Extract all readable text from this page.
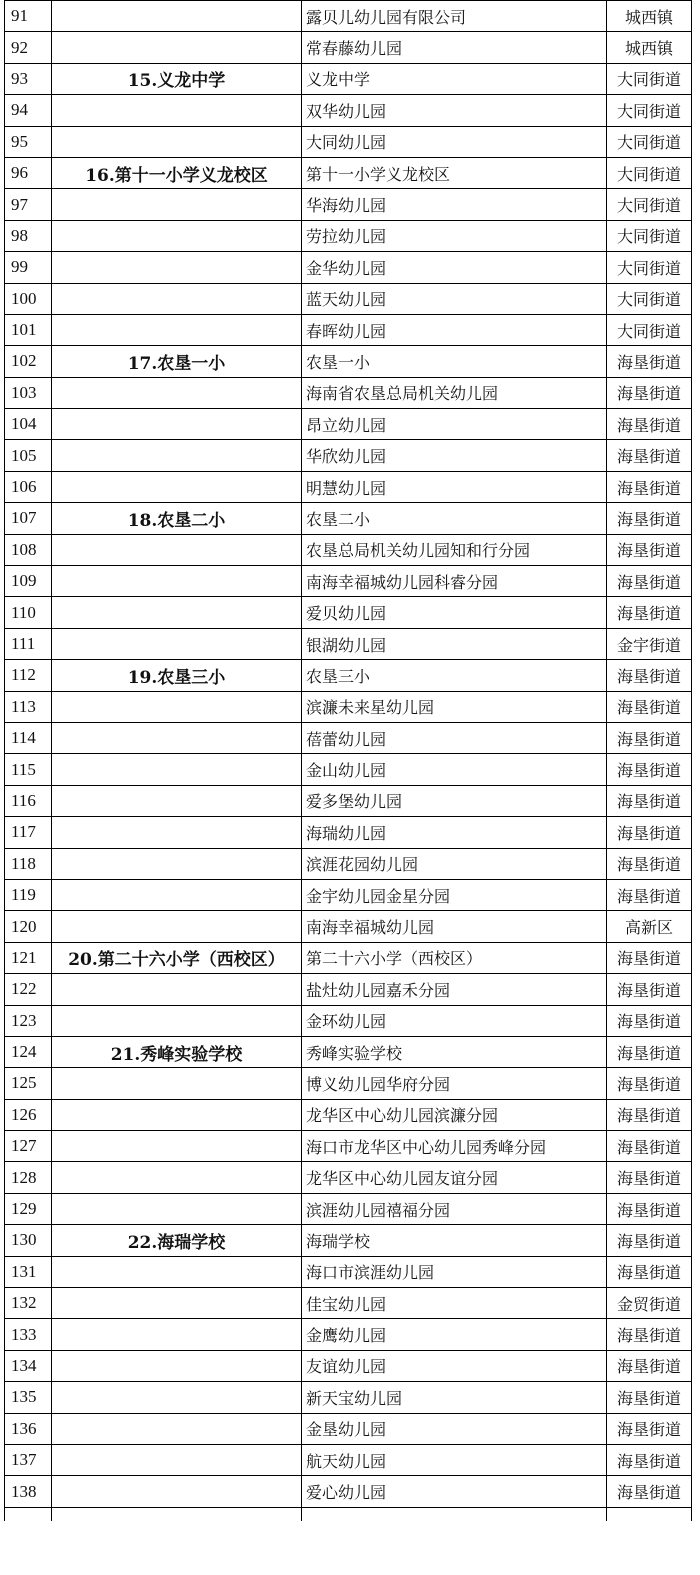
91		露贝儿幼儿园有限公司	城西镇
92		常春藤幼儿园	城西镇
93	15.义龙中学	义龙中学	大同街道
94		双华幼儿园	大同街道
95		大同幼儿园	大同街道
96	16.第十一小学义龙校区	第十一小学义龙校区	大同街道
97		华海幼儿园	大同街道
98		劳拉幼儿园	大同街道
99		金华幼儿园	大同街道
100		蓝天幼儿园	大同街道
101		春晖幼儿园	大同街道
102	17.农垦一小	农垦一小	海垦街道
103		海南省农垦总局机关幼儿园	海垦街道
104		昂立幼儿园	海垦街道
105		华欣幼儿园	海垦街道
106		明慧幼儿园	海垦街道
107	18.农垦二小	农垦二小	海垦街道
108		农垦总局机关幼儿园知和行分园	海垦街道
109		南海幸福城幼儿园科睿分园	海垦街道
110		爱贝幼儿园	海垦街道
111		银湖幼儿园	金宇街道
112	19.农垦三小	农垦三小	海垦街道
113		滨濂未来星幼儿园	海垦街道
114		蓓蕾幼儿园	海垦街道
115		金山幼儿园	海垦街道
116		爱多堡幼儿园	海垦街道
117		海瑞幼儿园	海垦街道
118		滨涯花园幼儿园	海垦街道
119		金宇幼儿园金星分园	海垦街道
120		南海幸福城幼儿园	高新区
121	20.第二十六小学（西校区）	第二十六小学（西校区）	海垦街道
122		盐灶幼儿园嘉禾分园	海垦街道
123		金环幼儿园	海垦街道
124	21.秀峰实验学校	秀峰实验学校	海垦街道
125		博义幼儿园华府分园	海垦街道
126		龙华区中心幼儿园滨濂分园	海垦街道
127		海口市龙华区中心幼儿园秀峰分园	海垦街道
128		龙华区中心幼儿园友谊分园	海垦街道
129		滨涯幼儿园禧福分园	海垦街道
130	22.海瑞学校	海瑞学校	海垦街道
131		海口市滨涯幼儿园	海垦街道
132		佳宝幼儿园	金贸街道
133		金鹰幼儿园	海垦街道
134		友谊幼儿园	海垦街道
135		新天宝幼儿园	海垦街道
136		金垦幼儿园	海垦街道
137		航天幼儿园	海垦街道
138		爱心幼儿园	海垦街道
